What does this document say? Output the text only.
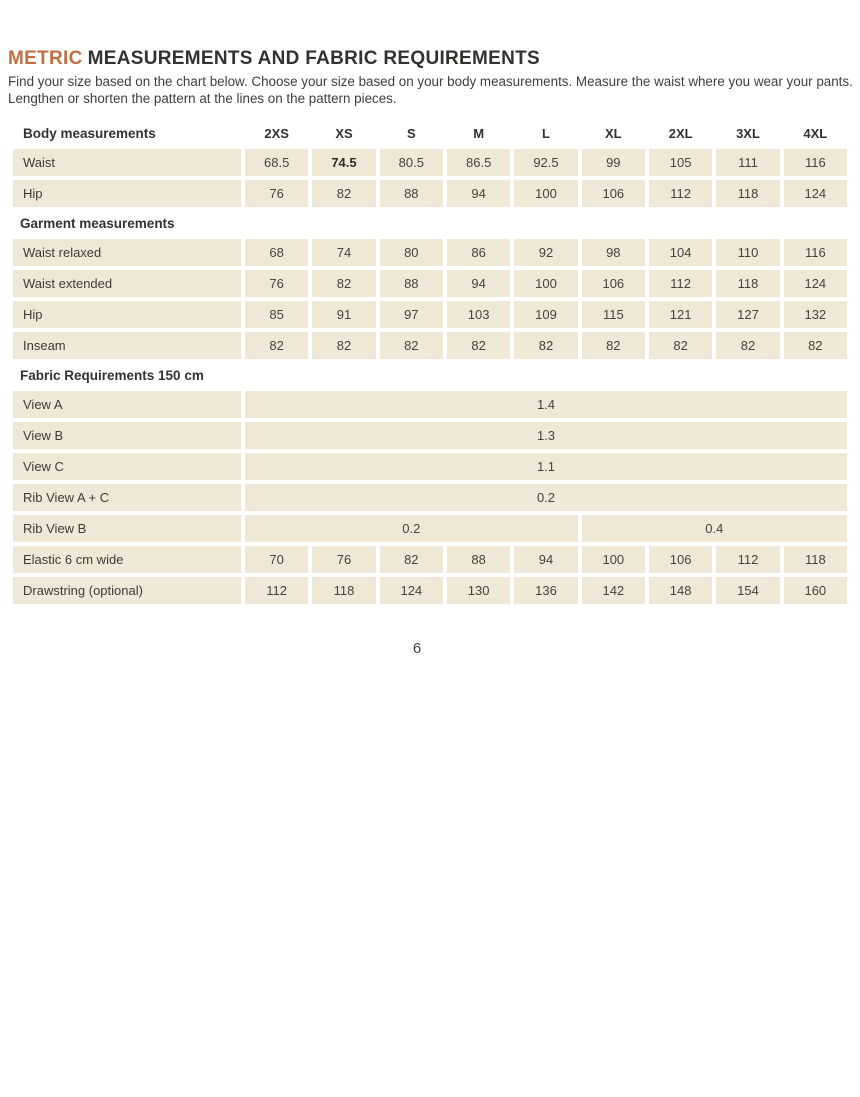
METRIC MEASUREMENTS AND FABRIC REQUIREMENTS
Find your size based on the chart below. Choose your size based on your body measurements. Measure the waist where you wear your pants. Lengthen or shorten the pattern at the lines on the pattern pieces.
Body measurements	2XS	XS	S	M	L	XL	2XL	3XL	4XL
Waist	68.5	74.5	80.5	86.5	92.5	99	105	111	116
Hip	76	82	88	94	100	106	112	118	124
Garment measurements
Waist relaxed	68	74	80	86	92	98	104	110	116
Waist extended	76	82	88	94	100	106	112	118	124
Hip	85	91	97	103	109	115	121	127	132
Inseam	82	82	82	82	82	82	82	82	82
Fabric Requirements 150 cm
View A	1.4
View B	1.3
View C	1.1
Rib View A + C	0.2
Rib View B	0.2	0.4
Elastic 6 cm wide	70	76	82	88	94	100	106	112	118
Drawstring (optional)	112	118	124	130	136	142	148	154	160
6
